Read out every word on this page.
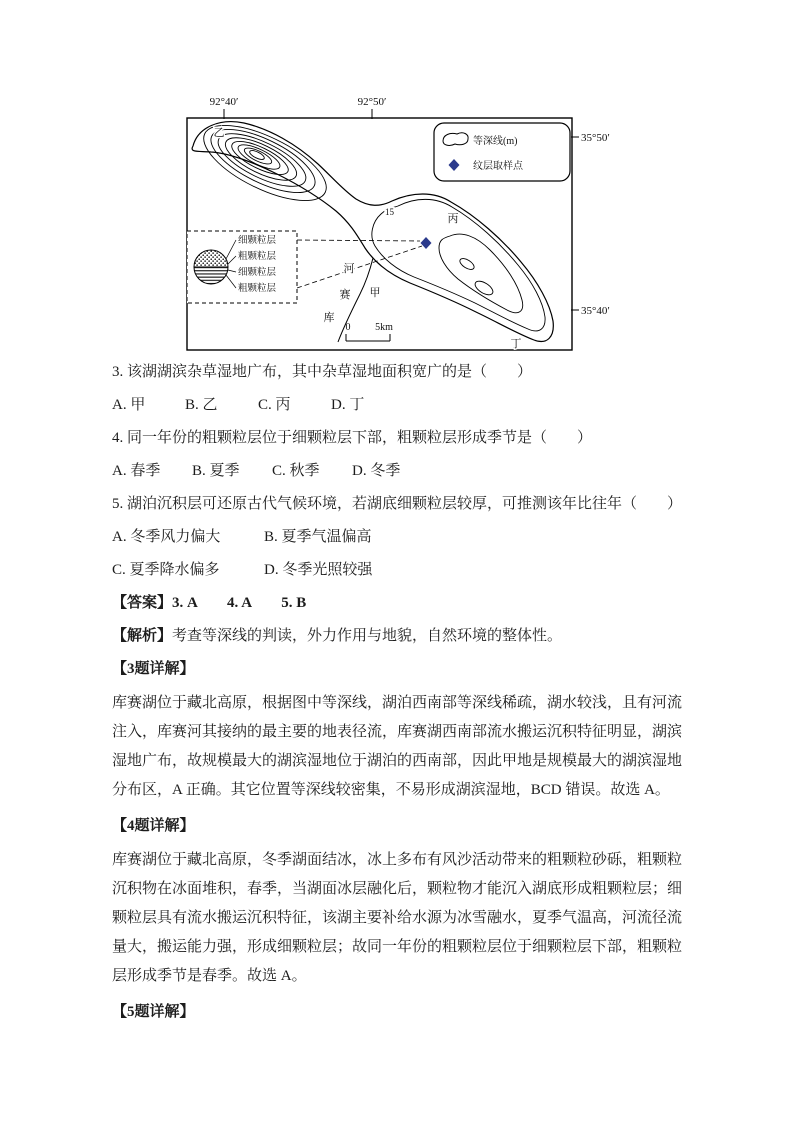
92°40′	92°50′
35°50′
35°40′
15
细颗粒层
粗颗粒层
细颗粒层
粗颗粒层
等深线(m)
纹层取样点
乙
丙
甲
丁
河
赛
库
0 5km

3. 该湖湖滨杂草湿地广布，其中杂草湿地面积宽广的是（　　）

A. 甲	B. 乙	C. 丙	D. 丁

4. 同一年份的粗颗粒层位于细颗粒层下部，粗颗粒层形成季节是（　　）

A. 春季	B. 夏季	C. 秋季	D. 冬季

5. 湖泊沉积层可还原古代气候环境，若湖底细颗粒层较厚，可推测该年比往年（　　）

A. 冬季风力偏大	B. 夏季气温偏高
C. 夏季降水偏多	D. 冬季光照较强

【答案】3. A　　4. A　　5. B

【解析】考查等深线的判读，外力作用与地貌，自然环境的整体性。

【3题详解】

库赛湖位于藏北高原，根据图中等深线，湖泊西南部等深线稀疏，湖水较浅，且有河流注入，库赛河其接纳的最主要的地表径流，库赛湖西南部流水搬运沉积特征明显，湖滨湿地广布，故规模最大的湖滨湿地位于湖泊的西南部，因此甲地是规模最大的湖滨湿地分布区，A 正确。其它位置等深线较密集，不易形成湖滨湿地，BCD 错误。故选 A。

【4题详解】

库赛湖位于藏北高原，冬季湖面结冰，冰上多布有风沙活动带来的粗颗粒砂砾，粗颗粒沉积物在冰面堆积，春季，当湖面冰层融化后，颗粒物才能沉入湖底形成粗颗粒层；细颗粒层具有流水搬运沉积特征，该湖主要补给水源为冰雪融水，夏季气温高，河流径流量大，搬运能力强，形成细颗粒层；故同一年份的粗颗粒层位于细颗粒层下部，粗颗粒层形成季节是春季。故选 A。

【5题详解】
